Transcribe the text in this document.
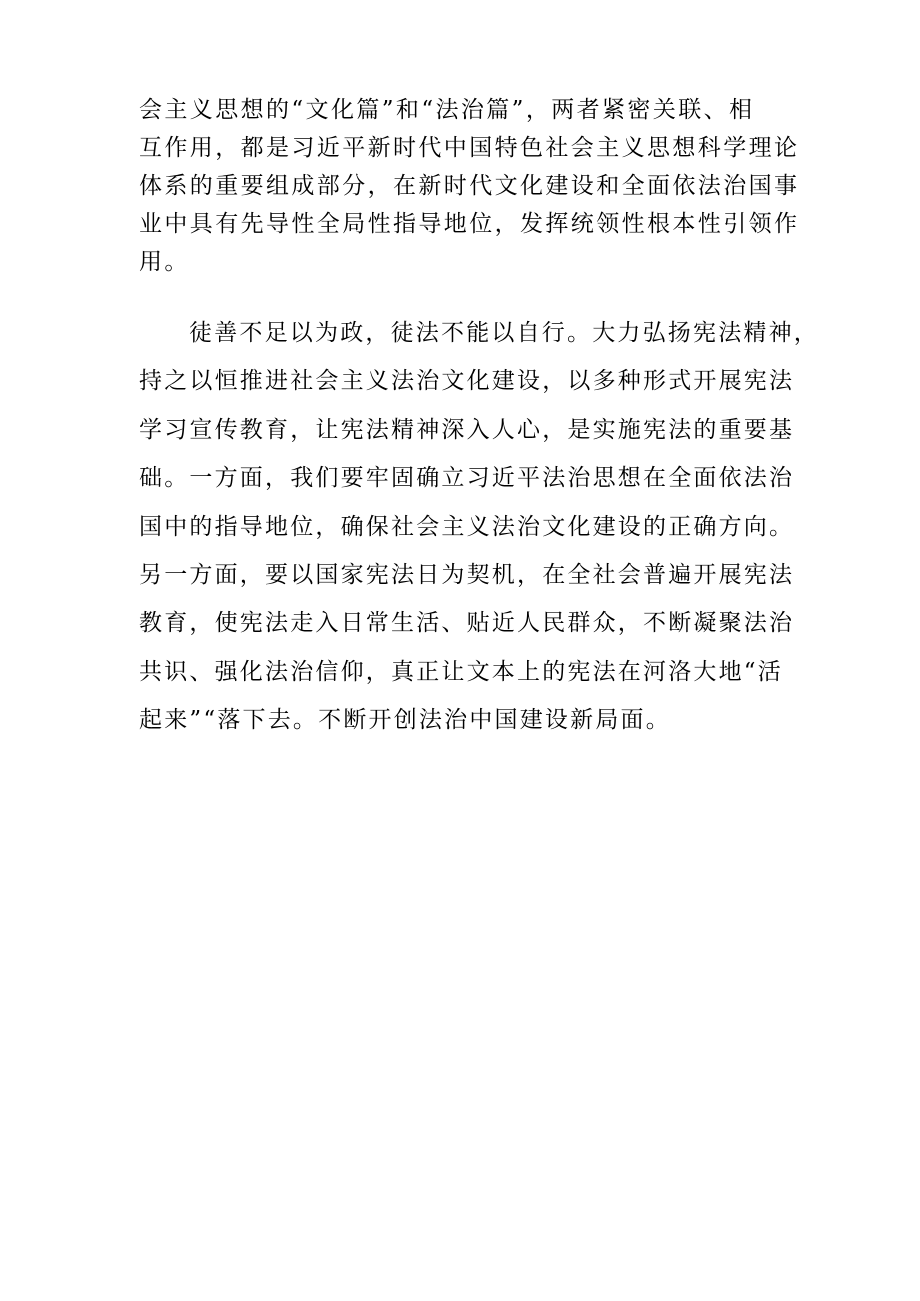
会主义思想的“文化篇”和“法治篇”，两者紧密关联、相
互作用，都是习近平新时代中国特色社会主义思想科学理论
体系的重要组成部分，在新时代文化建设和全面依法治国事
业中具有先导性全局性指导地位，发挥统领性根本性引领作
用。
徒善不足以为政，徒法不能以自行。大力弘扬宪法精神，
持之以恒推进社会主义法治文化建设，以多种形式开展宪法
学习宣传教育，让宪法精神深入人心，是实施宪法的重要基
础。一方面，我们要牢固确立习近平法治思想在全面依法治
国中的指导地位，确保社会主义法治文化建设的正确方向。
另一方面，要以国家宪法日为契机，在全社会普遍开展宪法
教育，使宪法走入日常生活、贴近人民群众，不断凝聚法治
共识、强化法治信仰，真正让文本上的宪法在河洛大地“活
起来”“落下去。不断开创法治中国建设新局面。
